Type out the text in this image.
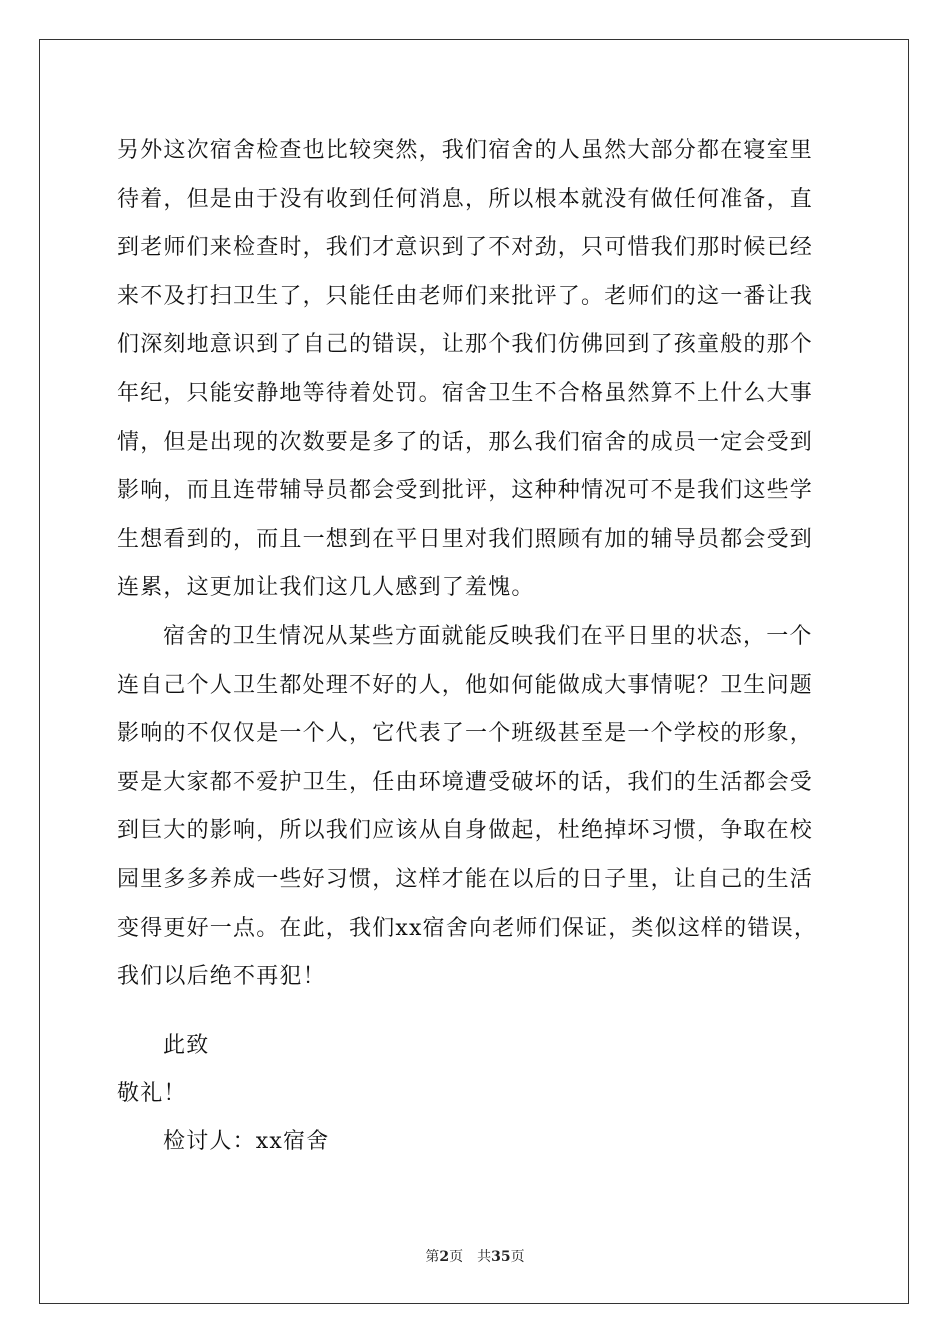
另外这次宿舍检查也比较突然，我们宿舍的人虽然大部分都在寝室里
待着，但是由于没有收到任何消息，所以根本就没有做任何准备，直
到老师们来检查时，我们才意识到了不对劲，只可惜我们那时候已经
来不及打扫卫生了，只能任由老师们来批评了。老师们的这一番让我
们深刻地意识到了自己的错误，让那个我们仿佛回到了孩童般的那个
年纪，只能安静地等待着处罚。宿舍卫生不合格虽然算不上什么大事
情，但是出现的次数要是多了的话，那么我们宿舍的成员一定会受到
影响，而且连带辅导员都会受到批评，这种种情况可不是我们这些学
生想看到的，而且一想到在平日里对我们照顾有加的辅导员都会受到
连累，这更加让我们这几人感到了羞愧。
宿舍的卫生情况从某些方面就能反映我们在平日里的状态，一个
连自己个人卫生都处理不好的人，他如何能做成大事情呢？卫生问题
影响的不仅仅是一个人，它代表了一个班级甚至是一个学校的形象，
要是大家都不爱护卫生，任由环境遭受破坏的话，我们的生活都会受
到巨大的影响，所以我们应该从自身做起，杜绝掉坏习惯，争取在校
园里多多养成一些好习惯，这样才能在以后的日子里，让自己的生活
变得更好一点。在此，我们xx宿舍向老师们保证，类似这样的错误，
我们以后绝不再犯！
此致
敬礼！
检讨人：xx宿舍
第2页 共35页
